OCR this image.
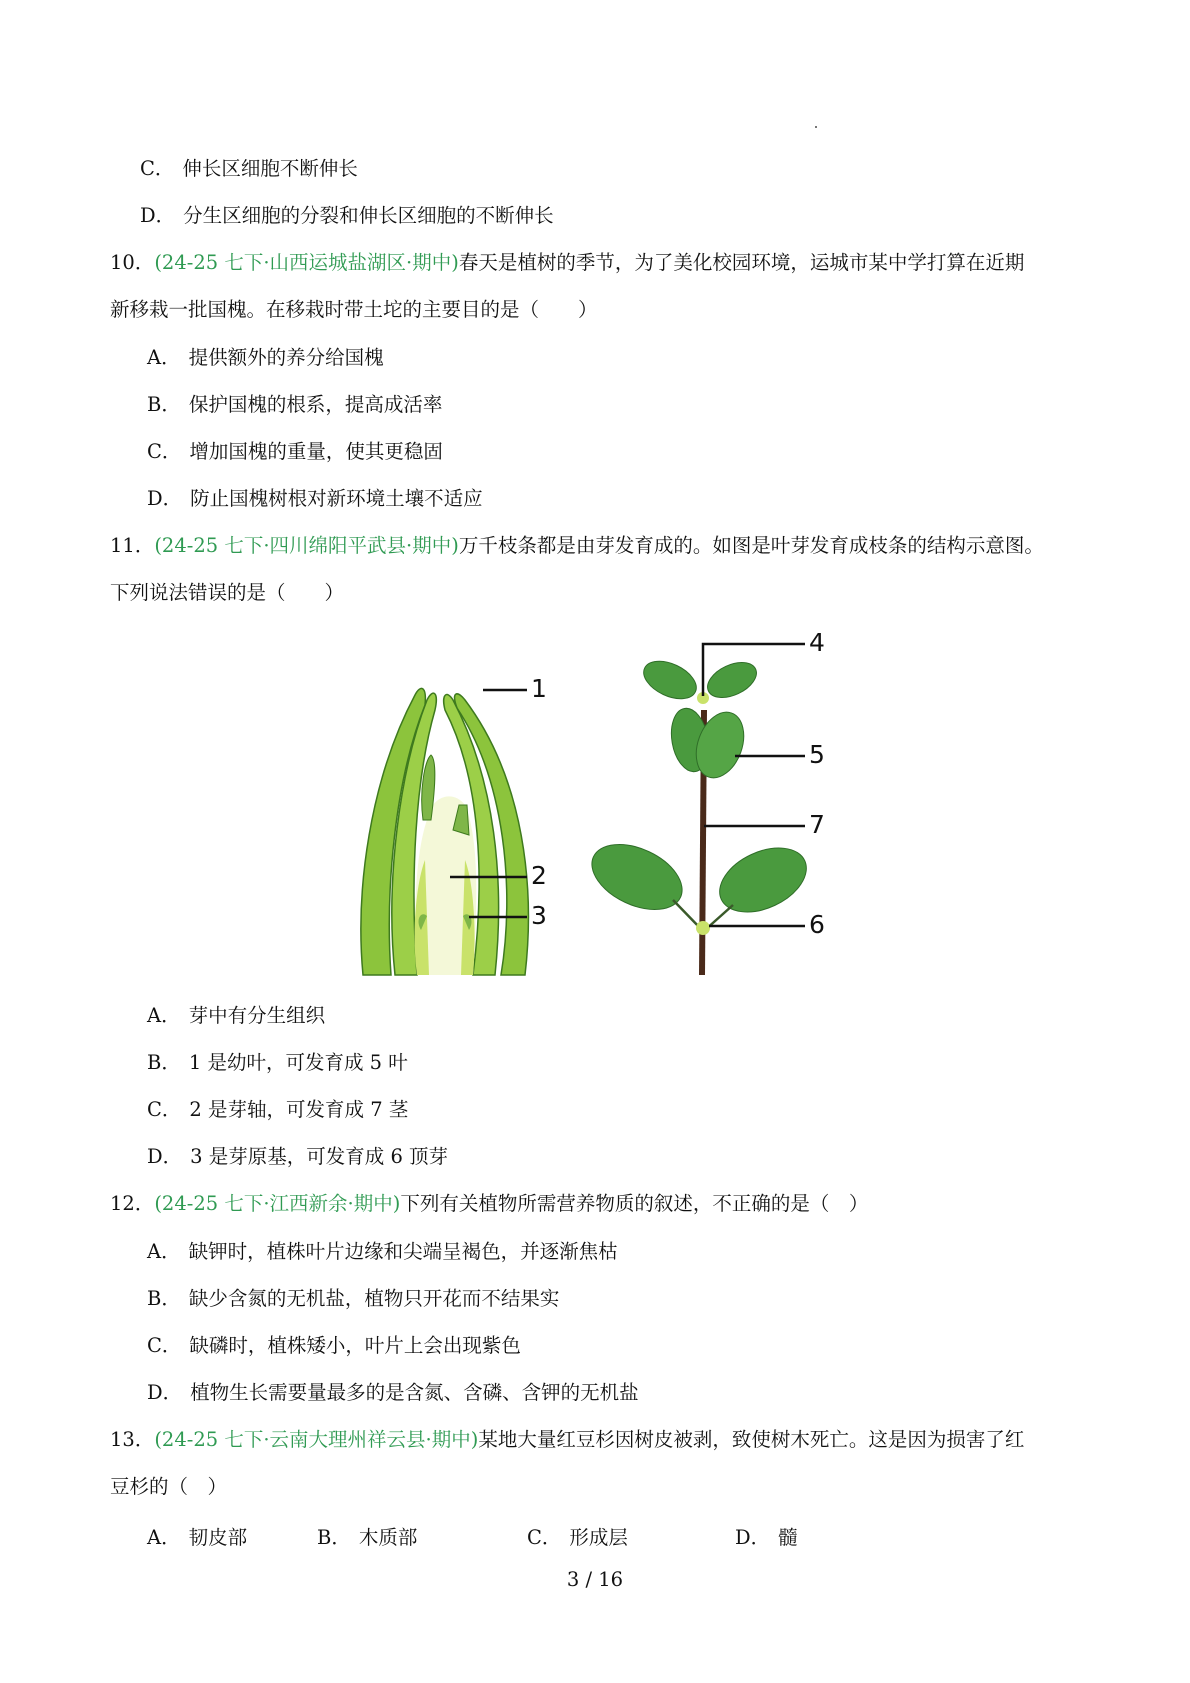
C． 伸长区细胞不断伸长
D． 分生区细胞的分裂和伸长区细胞的不断伸长
10．(24-25 七下·山西运城盐湖区·期中)春天是植树的季节，为了美化校园环境，运城市某中学打算在近期
新移栽一批国槐。在移栽时带土坨的主要目的是（　　）
A． 提供额外的养分给国槐
B． 保护国槐的根系，提高成活率
C． 增加国槐的重量，使其更稳固
D． 防止国槐树根对新环境土壤不适应
11．(24-25 七下·四川绵阳平武县·期中)万千枝条都是由芽发育成的。如图是叶芽发育成枝条的结构示意图。
下列说法错误的是（　　）
1
2
3
4
5
6
7
A． 芽中有分生组织
B． 1 是幼叶，可发育成 5 叶
C． 2 是芽轴，可发育成 7 茎
D． 3 是芽原基，可发育成 6 顶芽
12．(24-25 七下·江西新余·期中)下列有关植物所需营养物质的叙述，不正确的是（　）
A． 缺钾时，植株叶片边缘和尖端呈褐色，并逐渐焦枯
B． 缺少含氮的无机盐，植物只开花而不结果实
C． 缺磷时，植株矮小，叶片上会出现紫色
D． 植物生长需要量最多的是含氮、含磷、含钾的无机盐
13．(24-25 七下·云南大理州祥云县·期中)某地大量红豆杉因树皮被剥，致使树木死亡。这是因为损害了红
豆杉的（　）
A． 韧皮部	B． 木质部	C． 形成层	D． 髓
3 / 16
